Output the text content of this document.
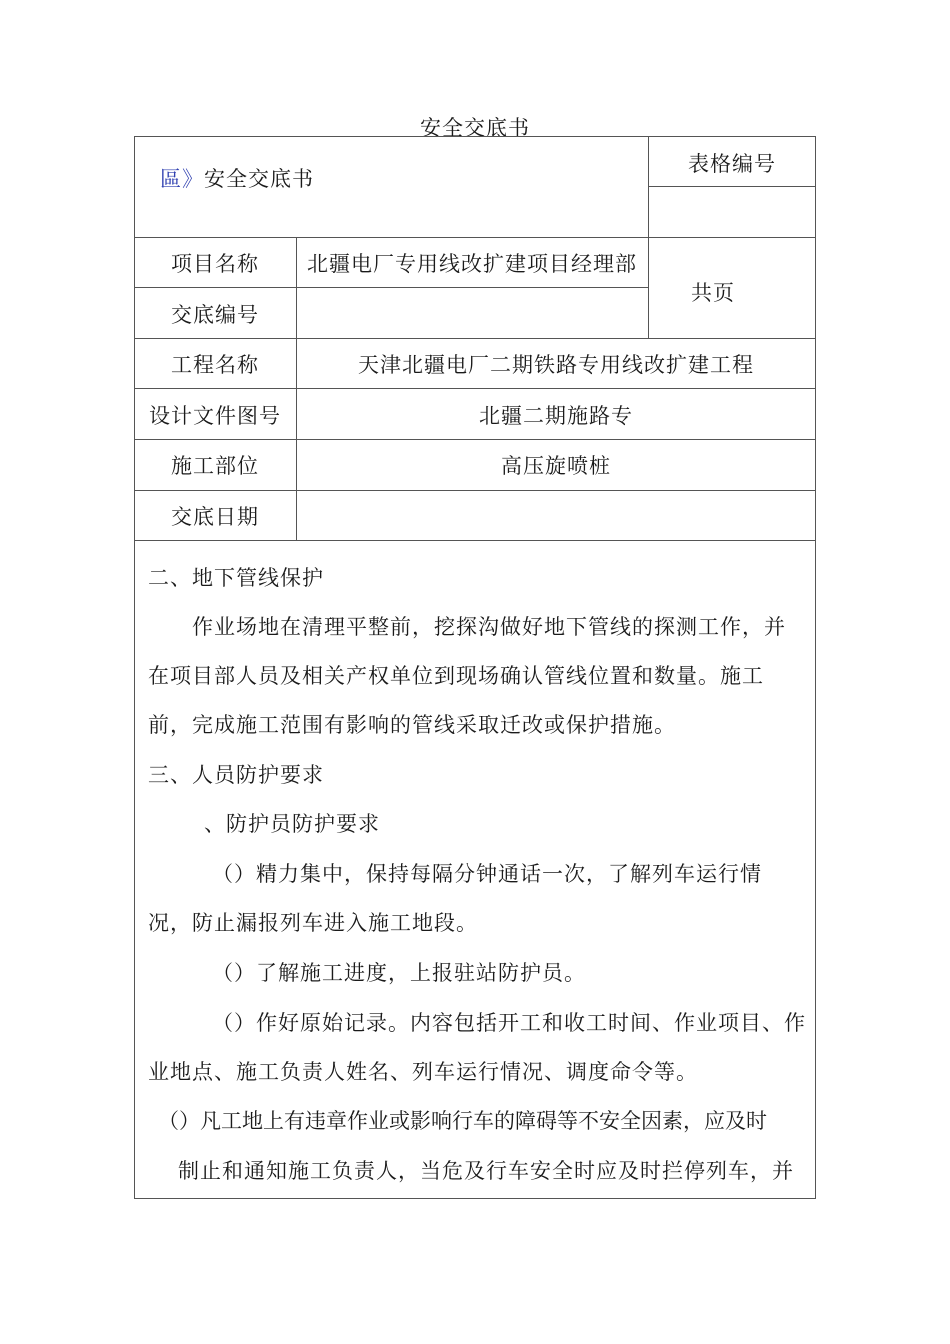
安全交底书
區》安全交底书
表格编号
项目名称	北疆电厂专用线改扩建项目经理部
共页
交底编号
工程名称	天津北疆电厂二期铁路专用线改扩建工程
设计文件图号	北疆二期施路专
施工部位	高压旋喷桩
交底日期
二、地下管线保护
作业场地在清理平整前，挖探沟做好地下管线的探测工作，并
在项目部人员及相关产权单位到现场确认管线位置和数量。施工
前，完成施工范围有影响的管线采取迁改或保护措施。
三、人员防护要求
、防护员防护要求
（）精力集中，保持每隔分钟通话一次，了解列车运行情
况，防止漏报列车进入施工地段。
（）了解施工进度，上报驻站防护员。
（）作好原始记录。内容包括开工和收工时间、作业项目、作
业地点、施工负责人姓名、列车运行情况、调度命令等。
（）凡工地上有违章作业或影响行车的障碍等不安全因素，应及时
制止和通知施工负责人，当危及行车安全时应及时拦停列车，并
